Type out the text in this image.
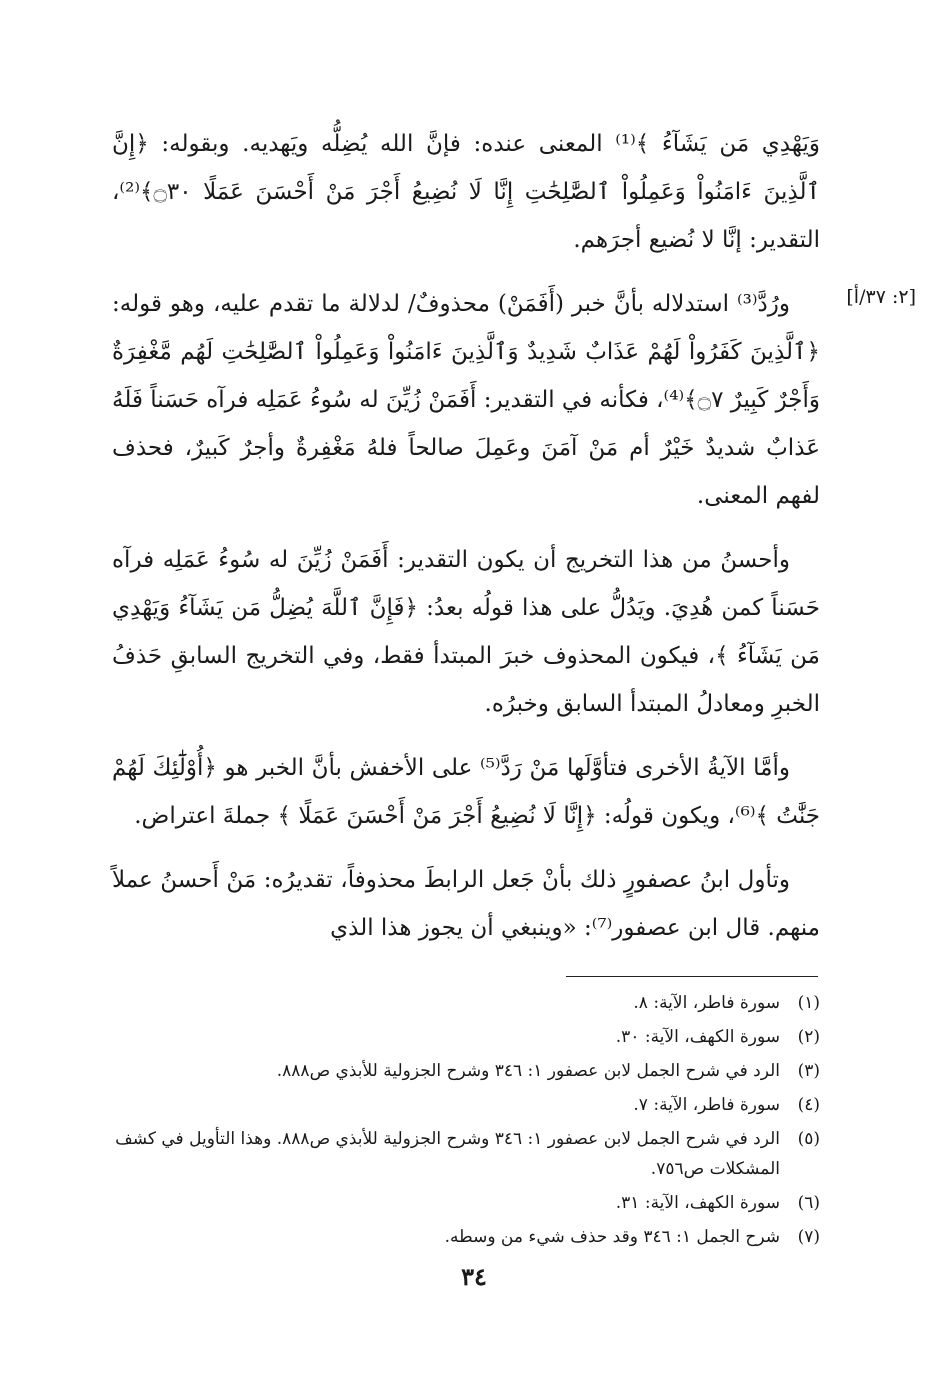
وَيَهْدِي مَن يَشَآءُ ﴾⁽¹⁾ المعنى عنده: فإنَّ الله يُضِلُّه ويَهديه. وبقوله: ﴿إِنَّ ٱلَّذِينَ ءَامَنُواْ وَعَمِلُواْ ٱلصَّٰلِحَٰتِ إِنَّا لَا نُضِيعُ أَجْرَ مَنْ أَحْسَنَ عَمَلًا ۝٣٠﴾⁽²⁾، التقدير: إنَّا لا نُضيع أجرَهم.

ورُدَّ⁽³⁾ استدلاله بأنَّ خبر (أَفَمَنْ) محذوفٌ/ لدلالة ما تقدم عليه، وهو قوله: ﴿ٱلَّذِينَ كَفَرُواْ لَهُمْ عَذَابٌ شَدِيدٌ وَٱلَّذِينَ ءَامَنُواْ وَعَمِلُواْ ٱلصَّٰلِحَٰتِ لَهُم مَّغْفِرَةٌ وَأَجْرٌ كَبِيرٌ ۝٧﴾⁽⁴⁾، فكأنه في التقدير: أَفَمَنْ زُيِّنَ له سُوءُ عَمَلِه فرآه حَسَناً فَلَهُ عَذابٌ شديدٌ خَيْرٌ أم مَنْ آمَنَ وعَمِلَ صالحاً فلهُ مَغْفِرةٌ وأجرٌ كَبيرٌ، فحذف لفهم المعنى.

وأحسنُ من هذا التخريج أن يكون التقدير: أَفَمَنْ زُيِّنَ له سُوءُ عَمَلِه فرآه حَسَناً كمن هُدِيَ. ويَدُلُّ على هذا قولُه بعدُ: ﴿فَإِنَّ ٱللَّهَ يُضِلُّ مَن يَشَآءُ وَيَهْدِي مَن يَشَآءُ ﴾، فيكون المحذوف خبرَ المبتدأ فقط، وفي التخريج السابقِ حَذفُ الخبرِ ومعادلُ المبتدأ السابق وخبرُه.

وأمَّا الآيةُ الأخرى فتأوَّلَها مَنْ رَدَّ⁽⁵⁾ على الأخفش بأنَّ الخبر هو ﴿أُوْلَٰٓئِكَ لَهُمْ جَنَّٰتُ ﴾⁽⁶⁾، ويكون قولُه: ﴿إِنَّا لَا نُضِيعُ أَجْرَ مَنْ أَحْسَنَ عَمَلًا ﴾ جملةَ اعتراض.

وتأول ابنُ عصفورٍ ذلك بأنْ جَعل الرابطَ محذوفاً، تقديرُه: مَنْ أَحسنُ عملاً منهم. قال ابن عصفور⁽⁷⁾: «وينبغي أن يجوز هذا الذي

[٢: ٣٧/أ]
(١)
سورة فاطر، الآية: ٨.
(٢)
سورة الكهف، الآية: ٣٠.
(٣)
الرد في شرح الجمل لابن عصفور ١: ٣٤٦ وشرح الجزولية للأبذي ص٨٨٨.
(٤)
سورة فاطر، الآية: ٧.
(٥)
الرد في شرح الجمل لابن عصفور ١: ٣٤٦ وشرح الجزولية للأبذي ص٨٨٨. وهذا التأويل في كشف المشكلات ص٧٥٦.
(٦)
سورة الكهف، الآية: ٣١.
(٧)
شرح الجمل ١: ٣٤٦ وقد حذف شيء من وسطه.
٣٤
